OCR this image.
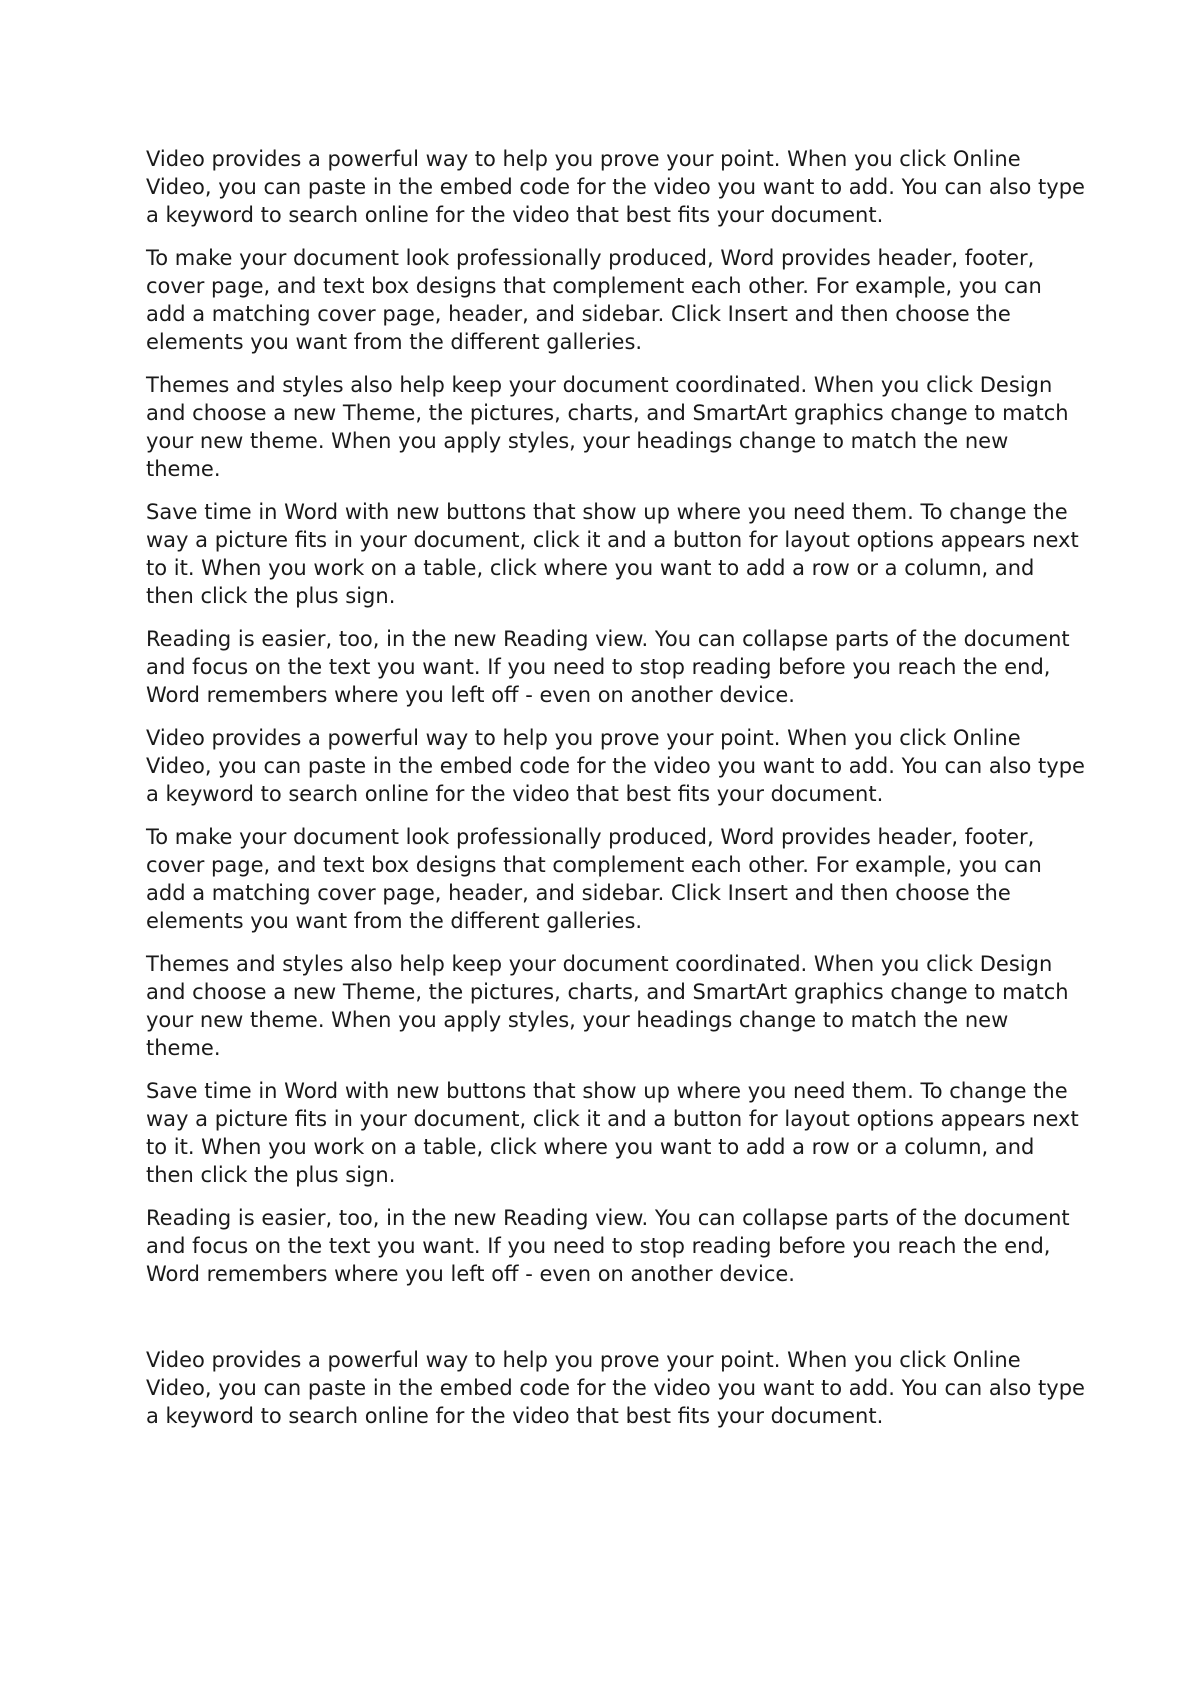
Video provides a powerful way to help you prove your point. When you click Online Video, you can paste in the embed code for the video you want to add. You can also type a keyword to search online for the video that best fits your document.

To make your document look professionally produced, Word provides header, footer, cover page, and text box designs that complement each other. For example, you can add a matching cover page, header, and sidebar. Click Insert and then choose the elements you want from the different galleries.

Themes and styles also help keep your document coordinated. When you click Design and choose a new Theme, the pictures, charts, and SmartArt graphics change to match your new theme. When you apply styles, your headings change to match the new theme.

Save time in Word with new buttons that show up where you need them. To change the way a picture fits in your document, click it and a button for layout options appears next to it. When you work on a table, click where you want to add a row or a column, and then click the plus sign.

Reading is easier, too, in the new Reading view. You can collapse parts of the document and focus on the text you want. If you need to stop reading before you reach the end, Word remembers where you left off - even on another device.

Video provides a powerful way to help you prove your point. When you click Online Video, you can paste in the embed code for the video you want to add. You can also type a keyword to search online for the video that best fits your document.

To make your document look professionally produced, Word provides header, footer, cover page, and text box designs that complement each other. For example, you can add a matching cover page, header, and sidebar. Click Insert and then choose the elements you want from the different galleries.

Themes and styles also help keep your document coordinated. When you click Design and choose a new Theme, the pictures, charts, and SmartArt graphics change to match your new theme. When you apply styles, your headings change to match the new theme.

Save time in Word with new buttons that show up where you need them. To change the way a picture fits in your document, click it and a button for layout options appears next to it. When you work on a table, click where you want to add a row or a column, and then click the plus sign.

Reading is easier, too, in the new Reading view. You can collapse parts of the document and focus on the text you want. If you need to stop reading before you reach the end, Word remembers where you left off - even on another device.

Video provides a powerful way to help you prove your point. When you click Online Video, you can paste in the embed code for the video you want to add. You can also type a keyword to search online for the video that best fits your document.
